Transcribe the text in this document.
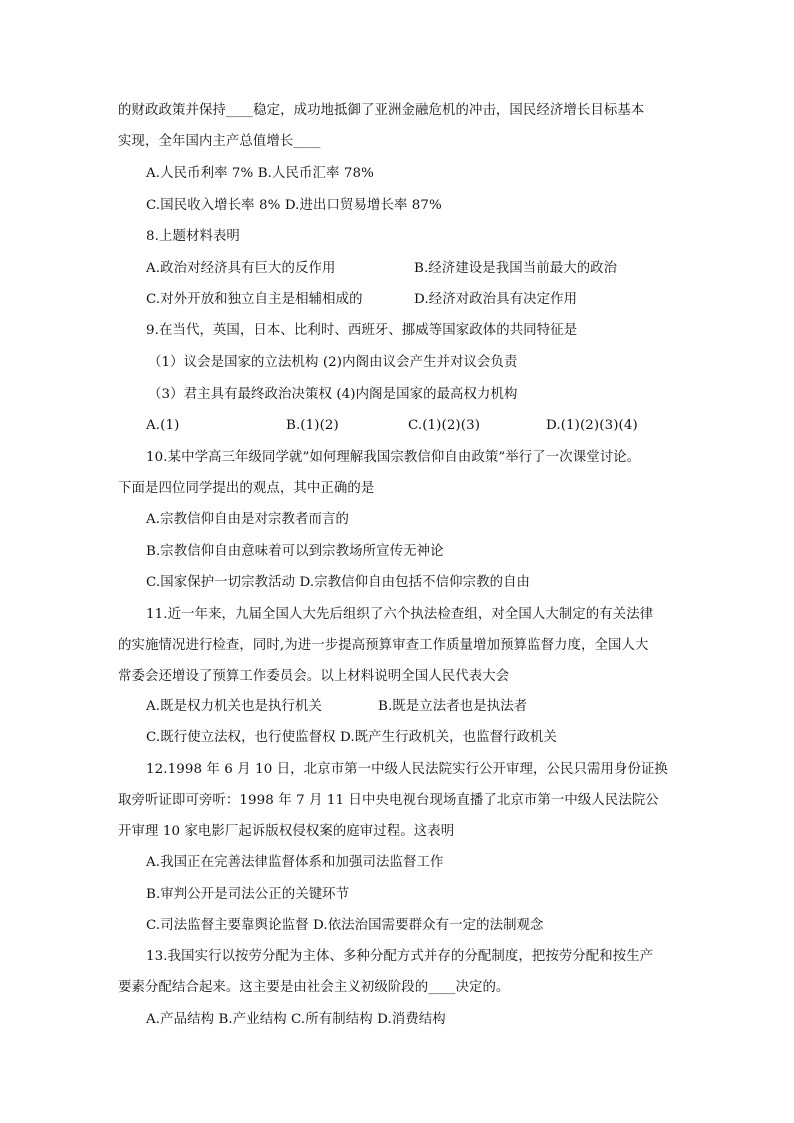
的财政政策并保持____稳定，成功地抵御了亚洲金融危机的冲击，国民经济增长目标基本
实现，全年国内主产总值增长____
A.人民币利率 7% B.人民币汇率 78%
C.国民收入增长率 8% D.进出口贸易增长率 87%
8.上题材料表明
A.政治对经济具有巨大的反作用	B.经济建设是我国当前最大的政治
C.对外开放和独立自主是相辅相成的	D.经济对政治具有决定作用
9.在当代，英国，日本、比利时、西班牙、挪威等国家政体的共同特征是
（1）议会是国家的立法机构 (2)内阁由议会产生并对议会负责
（3）君主具有最终政治决策权 (4)内阁是国家的最高权力机构
A.(1)	B.(1)(2)	C.(1)(2)(3)	D.(1)(2)(3)(4)
10.某中学高三年级同学就”如何理解我国宗教信仰自由政策”举行了一次课堂讨论。
下面是四位同学提出的观点，其中正确的是
A.宗教信仰自由是对宗教者而言的
B.宗教信仰自由意味着可以到宗教场所宣传无神论
C.国家保护一切宗教活动 D.宗教信仰自由包括不信仰宗教的自由
11.近一年来，九届全国人大先后组织了六个执法检查组，对全国人大制定的有关法律
的实施情况进行检查，同时,为进一步提高预算审查工作质量增加预算监督力度，全国人大
常委会还增设了预算工作委员会。以上材料说明全国人民代表大会
A.既是权力机关也是执行机关	B.既是立法者也是执法者
C.既行使立法权，也行使监督权 D.既产生行政机关，也监督行政机关
12.1998 年 6 月 10 日，北京市第一中级人民法院实行公开审理，公民只需用身份证换
取旁听证即可旁听：1998 年 7 月 11 日中央电视台现场直播了北京市第一中级人民法院公
开审理 10 家电影厂起诉版权侵权案的庭审过程。这表明
A.我国正在完善法律监督体系和加强司法监督工作
B.审判公开是司法公正的关键环节
C.司法监督主要靠舆论监督 D.依法治国需要群众有一定的法制观念
13.我国实行以按劳分配为主体、多种分配方式并存的分配制度，把按劳分配和按生产
要素分配结合起来。这主要是由社会主义初级阶段的____决定的。
A.产品结构 B.产业结构 C.所有制结构 D.消费结构
